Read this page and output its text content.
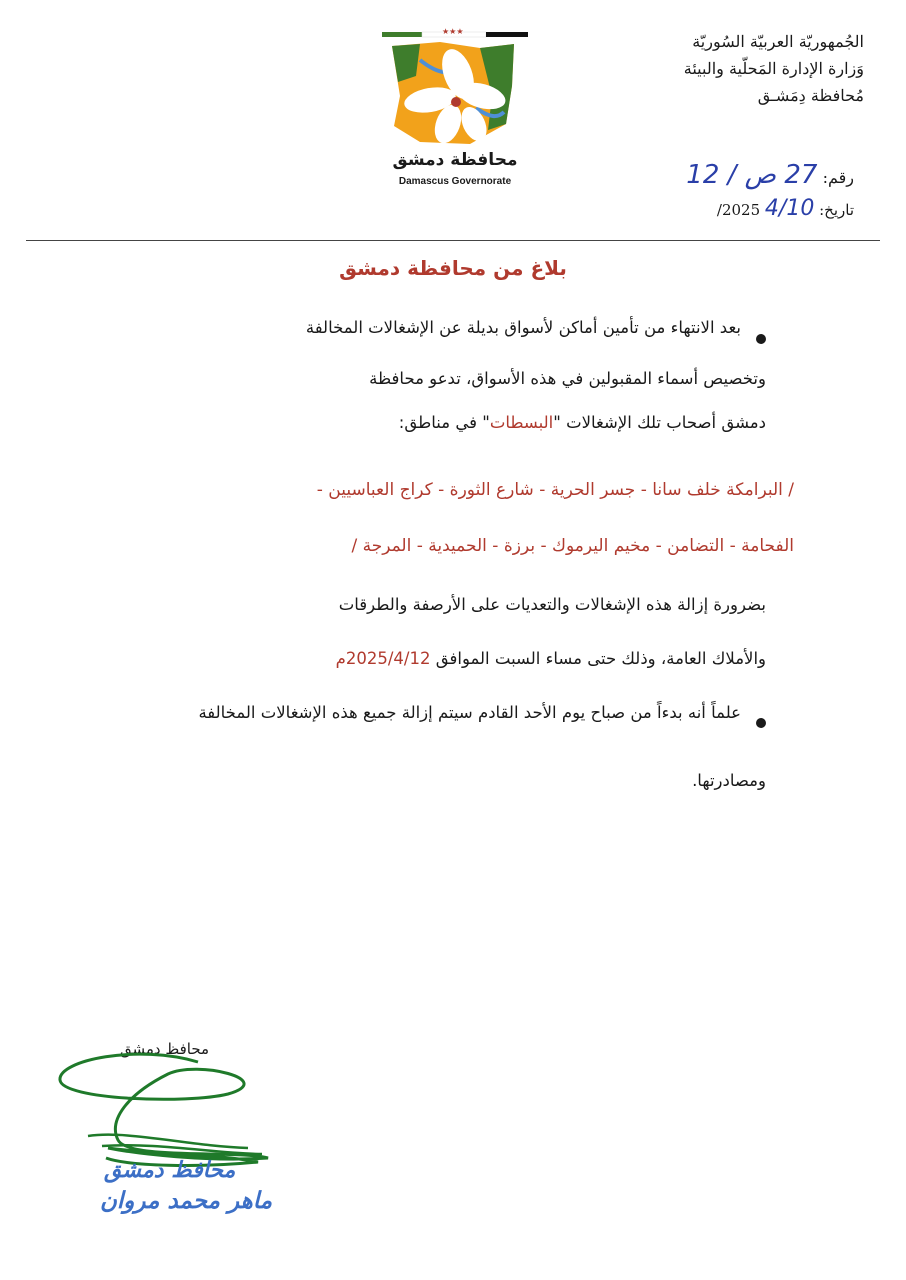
الجُمهوريّة العربيّة السُوريّة
وَزارة الإدارة المَحلّية والبيئة
مُحافظة دِمَشـق
★★★
محافظة دمشق
Damascus Governorate	رقم: 27 ص / 12
تاريخ: 4/10 2025/
بلاغ من محافظة دمشق
بعد الانتهاء من تأمين أماكن لأسواق بديلة عن الإشغالات المخالفة
وتخصيص أسماء المقبولين في هذه الأسواق، تدعو محافظة
دمشق أصحاب تلك الإشغالات "البسطات" في مناطق:
/ البرامكة خلف سانا - جسر الحرية - شارع الثورة - كراج العباسيين -
الفحامة - التضامن - مخيم اليرموك - برزة - الحميدية - المرجة /
بضرورة إزالة هذه الإشغالات والتعديات على الأرصفة والطرقات
والأملاك العامة، وذلك حتى مساء السبت الموافق 2025/4/12م
علماً أنه بدءاً من صباح يوم الأحد القادم سيتم إزالة جميع هذه الإشغالات المخالفة
ومصادرتها.
محافظ دمشق
محافظ دمشق
ماهر محمد مروان
